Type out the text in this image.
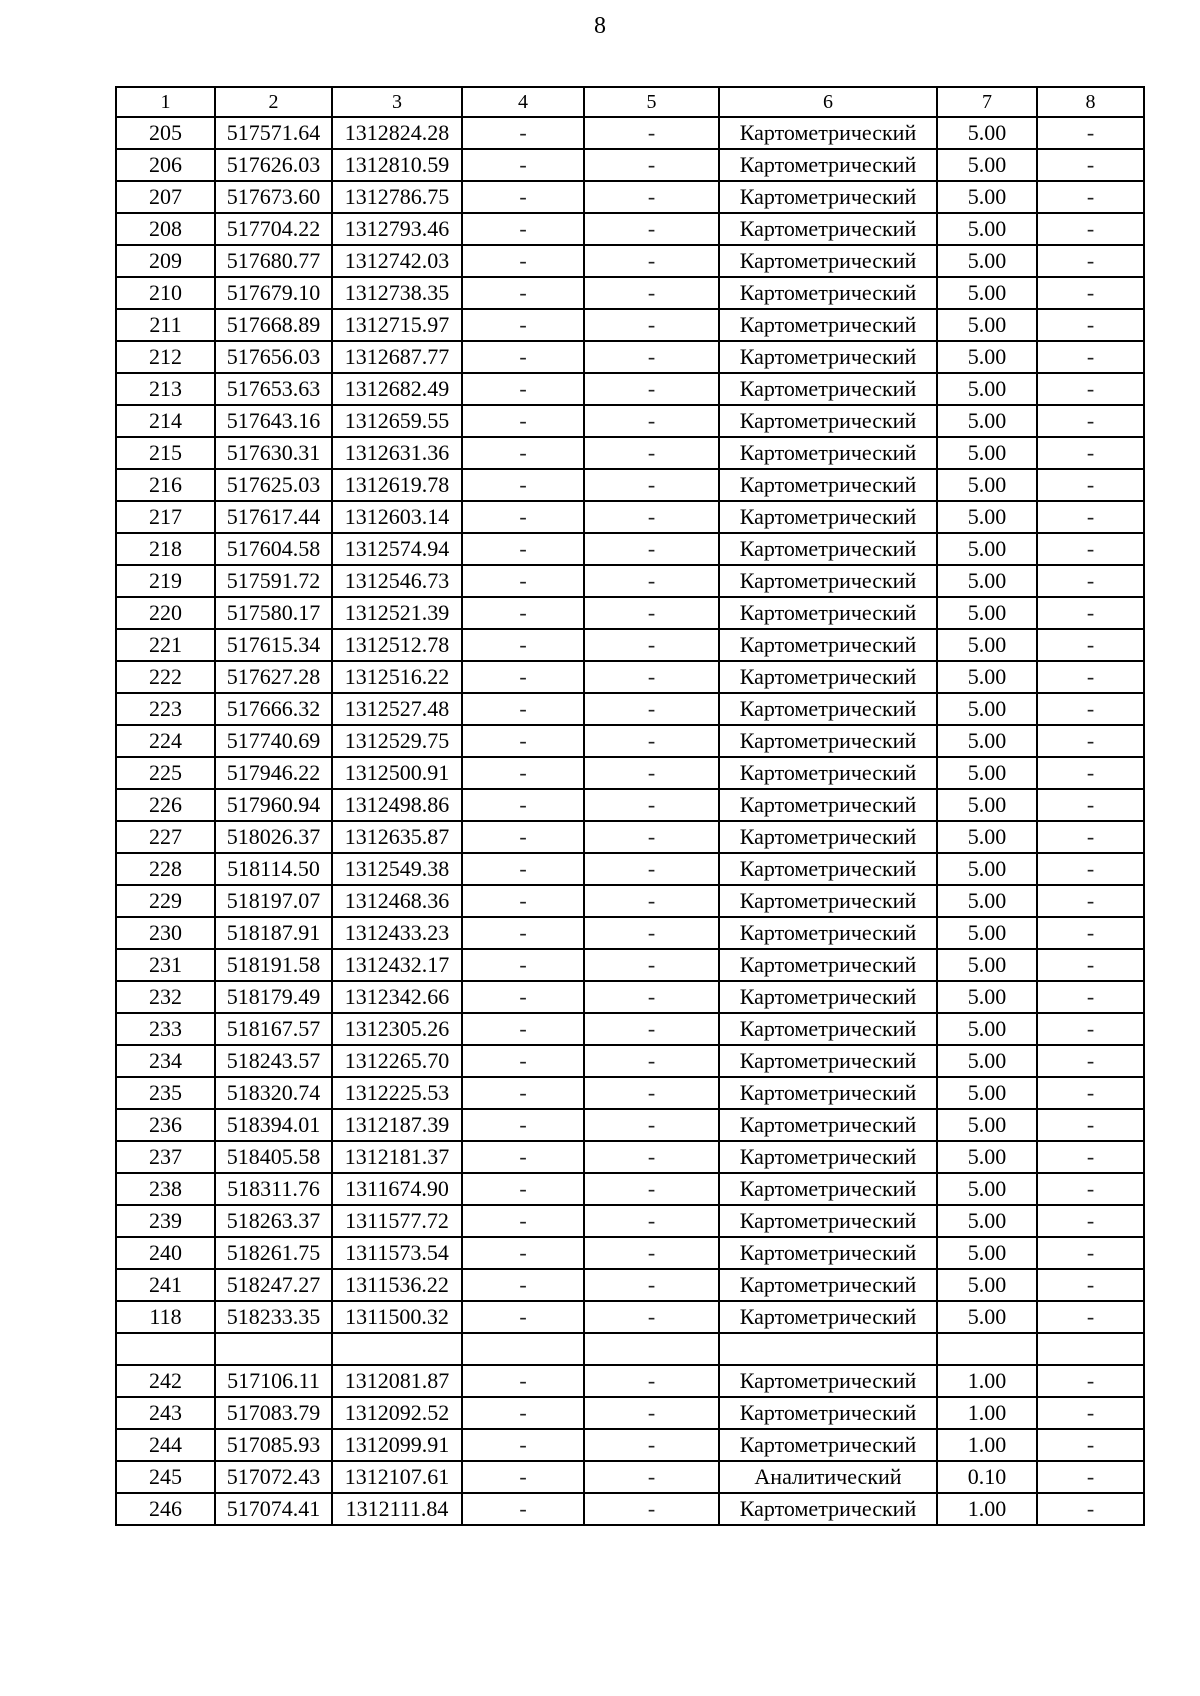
8
1	2	3	4	5	6	7	8
205	517571.64	1312824.28	-	-	Картометрический	5.00	-
206	517626.03	1312810.59	-	-	Картометрический	5.00	-
207	517673.60	1312786.75	-	-	Картометрический	5.00	-
208	517704.22	1312793.46	-	-	Картометрический	5.00	-
209	517680.77	1312742.03	-	-	Картометрический	5.00	-
210	517679.10	1312738.35	-	-	Картометрический	5.00	-
211	517668.89	1312715.97	-	-	Картометрический	5.00	-
212	517656.03	1312687.77	-	-	Картометрический	5.00	-
213	517653.63	1312682.49	-	-	Картометрический	5.00	-
214	517643.16	1312659.55	-	-	Картометрический	5.00	-
215	517630.31	1312631.36	-	-	Картометрический	5.00	-
216	517625.03	1312619.78	-	-	Картометрический	5.00	-
217	517617.44	1312603.14	-	-	Картометрический	5.00	-
218	517604.58	1312574.94	-	-	Картометрический	5.00	-
219	517591.72	1312546.73	-	-	Картометрический	5.00	-
220	517580.17	1312521.39	-	-	Картометрический	5.00	-
221	517615.34	1312512.78	-	-	Картометрический	5.00	-
222	517627.28	1312516.22	-	-	Картометрический	5.00	-
223	517666.32	1312527.48	-	-	Картометрический	5.00	-
224	517740.69	1312529.75	-	-	Картометрический	5.00	-
225	517946.22	1312500.91	-	-	Картометрический	5.00	-
226	517960.94	1312498.86	-	-	Картометрический	5.00	-
227	518026.37	1312635.87	-	-	Картометрический	5.00	-
228	518114.50	1312549.38	-	-	Картометрический	5.00	-
229	518197.07	1312468.36	-	-	Картометрический	5.00	-
230	518187.91	1312433.23	-	-	Картометрический	5.00	-
231	518191.58	1312432.17	-	-	Картометрический	5.00	-
232	518179.49	1312342.66	-	-	Картометрический	5.00	-
233	518167.57	1312305.26	-	-	Картометрический	5.00	-
234	518243.57	1312265.70	-	-	Картометрический	5.00	-
235	518320.74	1312225.53	-	-	Картометрический	5.00	-
236	518394.01	1312187.39	-	-	Картометрический	5.00	-
237	518405.58	1312181.37	-	-	Картометрический	5.00	-
238	518311.76	1311674.90	-	-	Картометрический	5.00	-
239	518263.37	1311577.72	-	-	Картометрический	5.00	-
240	518261.75	1311573.54	-	-	Картометрический	5.00	-
241	518247.27	1311536.22	-	-	Картометрический	5.00	-
118	518233.35	1311500.32	-	-	Картометрический	5.00	-

242	517106.11	1312081.87	-	-	Картометрический	1.00	-
243	517083.79	1312092.52	-	-	Картометрический	1.00	-
244	517085.93	1312099.91	-	-	Картометрический	1.00	-
245	517072.43	1312107.61	-	-	Аналитический	0.10	-
246	517074.41	1312111.84	-	-	Картометрический	1.00	-
